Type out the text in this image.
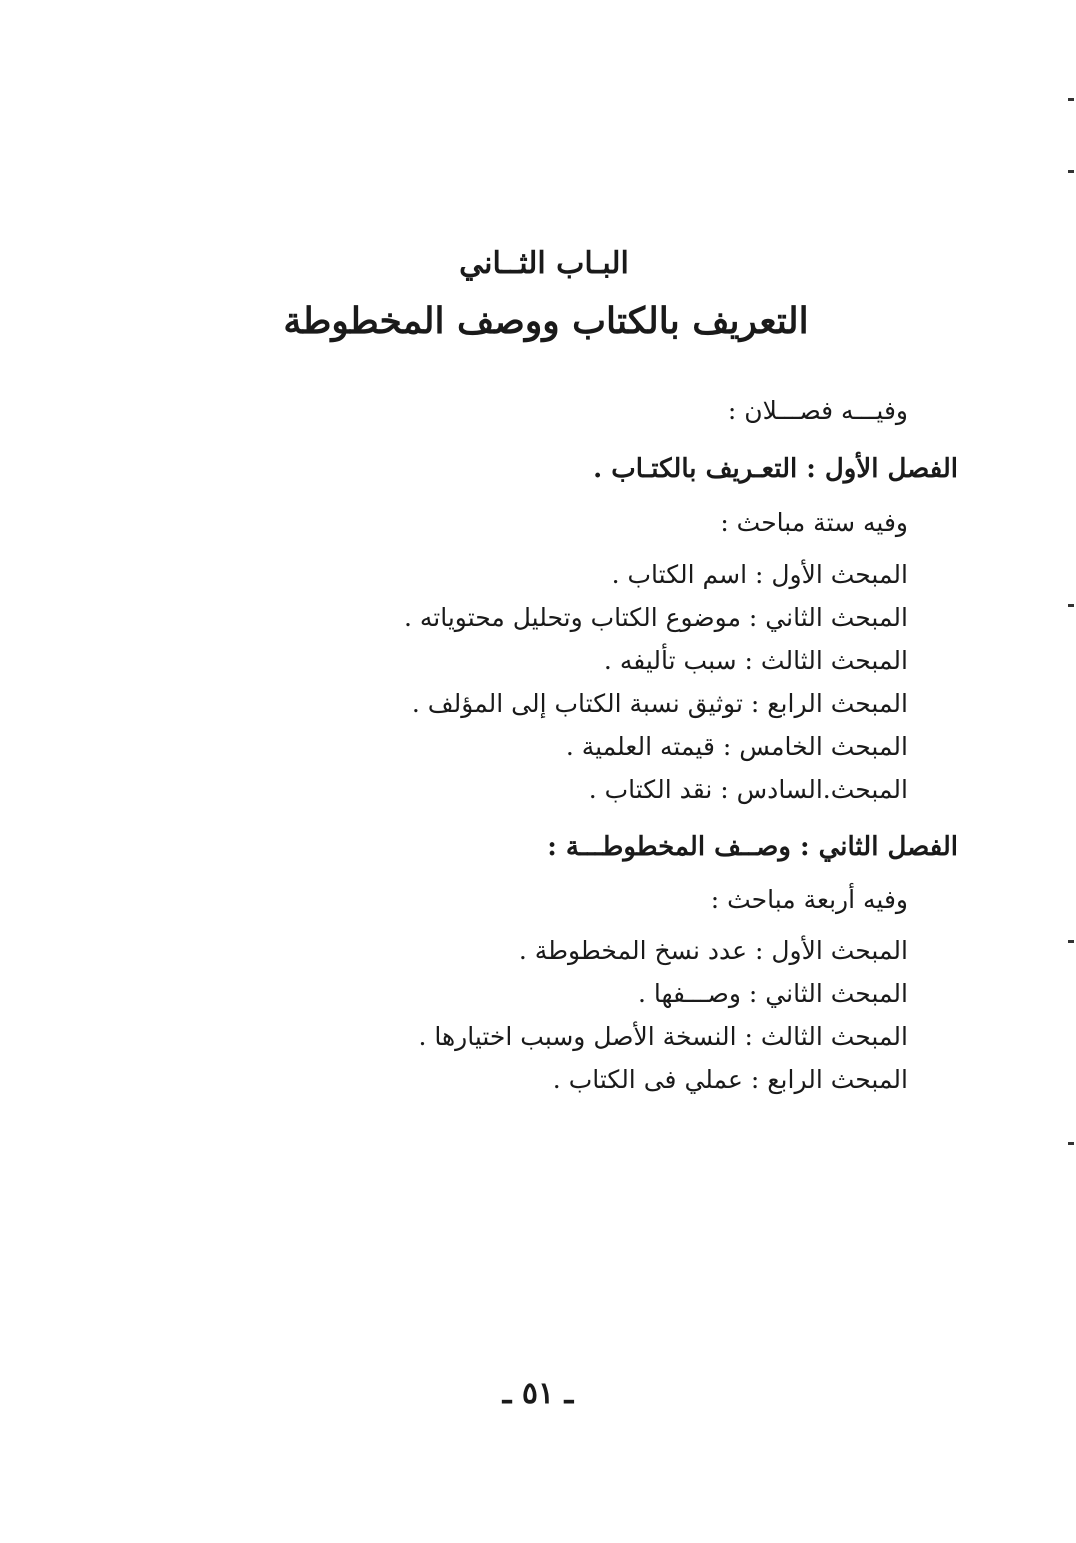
البـاب الثــاني
التعريف بالكتاب ووصف المخطوطة
وفيـــه فصـــلان :
الفصل الأول : التعـريف بالكتـاب .
وفيه ستة مباحث :
المبحث الأول : اسم الكتاب .
المبحث الثاني : موضوع الكتاب وتحليل محتوياته .
المبحث الثالث : سبب تأليفه .
المبحث الرابع : توثيق نسبة الكتاب إلى المؤلف .
المبحث الخامس : قيمته العلمية .
المبحث.السادس : نقد الكتاب .
الفصل الثاني : وصــف المخطوطـــة :
وفيه أربعة مباحث :
المبحث الأول : عدد نسخ المخطوطة .
المبحث الثاني : وصـــفها .
المبحث الثالث : النسخة الأصل وسبب اختيارها .
المبحث الرابع : عملي فى الكتاب .
ـ ٥١ ـ
